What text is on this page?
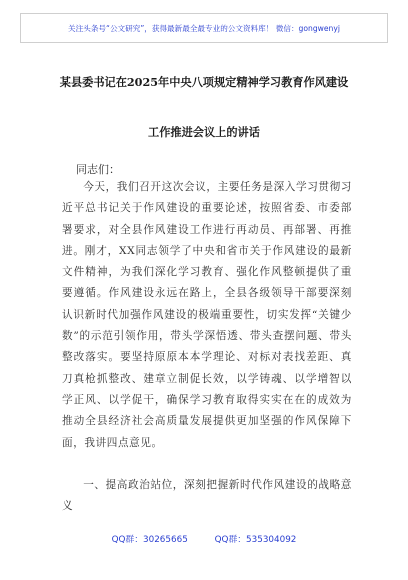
关注头条号“公文研究”，获得最新最全最专业的公文资料库！ 微信：gongwenyj
某县委书记在2025年中央八项规定精神学习教育作风建设
工作推进会议上的讲话
同志们：
今天，我们召开这次会议，主要任务是深入学习贯彻习近平总书记关于作风建设的重要论述，按照省委、市委部署要求，对全县作风建设工作进行再动员、再部署、再推进。刚才，XX同志领学了中央和省市关于作风建设的最新文件精神，为我们深化学习教育、强化作风整顿提供了重要遵循。作风建设永远在路上，全县各级领导干部要深刻认识新时代加强作风建设的极端重要性，切实发挥“关键少数”的示范引领作用，带头学深悟透、带头查摆问题、带头整改落实。要坚持原原本本学理论、对标对表找差距、真刀真枪抓整改、建章立制促长效，以学铸魂、以学增智以学正风、以学促干，确保学习教育取得实实在在的成效为推动全县经济社会高质量发展提供更加坚强的作风保障下面，我讲四点意见。
一、提高政治站位，深刻把握新时代作风建设的战略意义
QQ群：30265665	QQ群：535304092
